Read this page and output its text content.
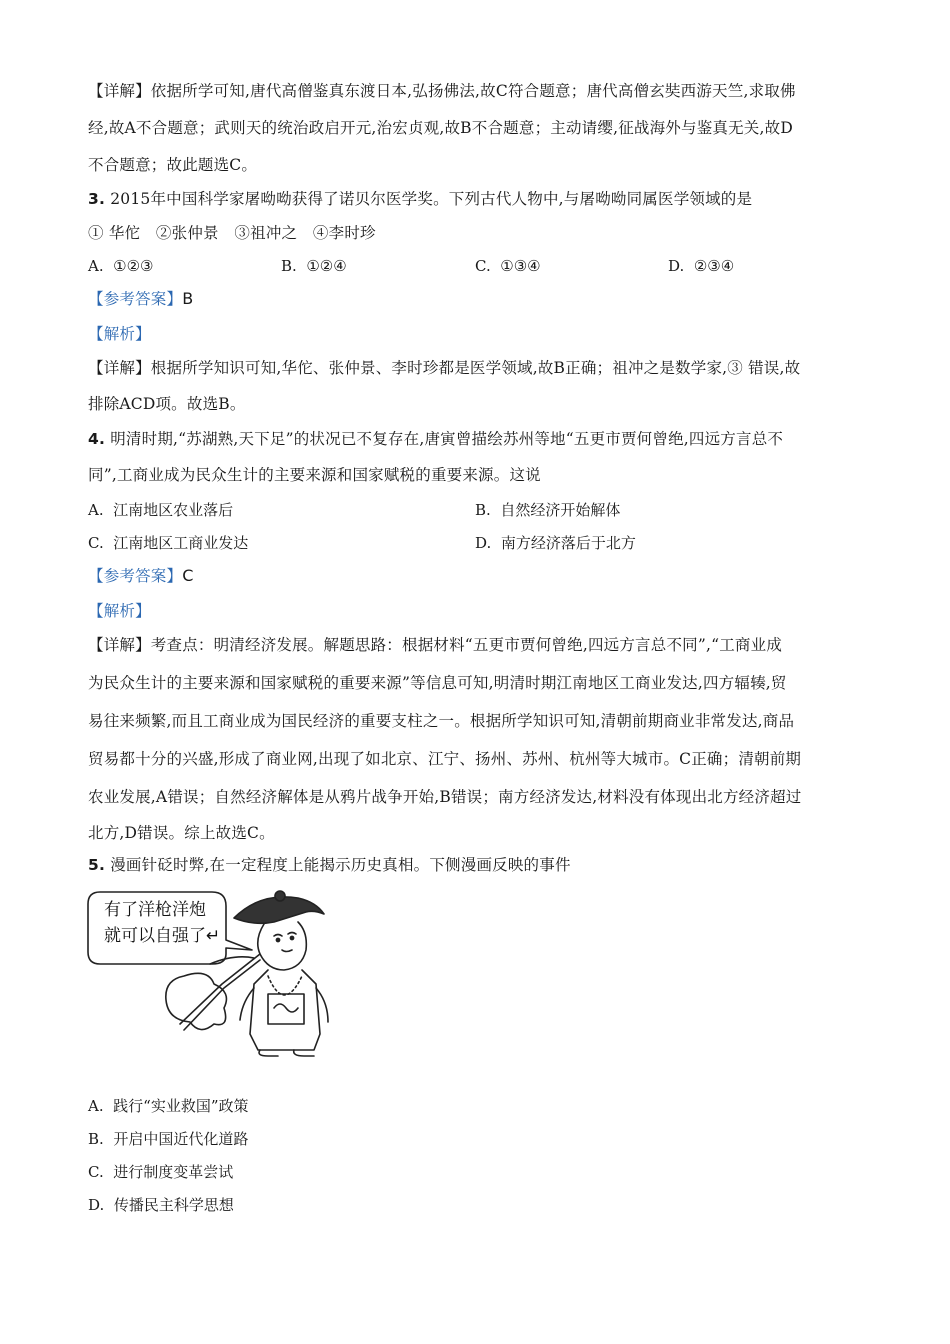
【详解】依据所学可知,唐代高僧鉴真东渡日本,弘扬佛法,故C符合题意；唐代高僧玄奘西游天竺,求取佛
经,故A不合题意；武则天的统治政启开元,治宏贞观,故B不合题意；主动请缨,征战海外与鉴真无关,故D
不合题意；故此题选C。
3. 2015年中国科学家屠呦呦获得了诺贝尔医学奖。下列古代人物中,与屠呦呦同属医学领域的是
① 华佗　②张仲景　③祖冲之　④李时珍
A. ①②③	B. ①②④	C. ①③④	D. ②③④
【参考答案】B
【解析】
【详解】根据所学知识可知,华佗、张仲景、李时珍都是医学领域,故B正确；祖冲之是数学家,③ 错误,故
排除ACD项。故选B。
4. 明清时期,“苏湖熟,天下足”的状况已不复存在,唐寅曾描绘苏州等地“五更市贾何曾绝,四远方言总不
同”,工商业成为民众生计的主要来源和国家赋税的重要来源。这说
A. 江南地区农业落后	B. 自然经济开始解体
C. 江南地区工商业发达	D. 南方经济落后于北方
【参考答案】C
【解析】
【详解】考查点：明清经济发展。解题思路：根据材料“五更市贾何曾绝,四远方言总不同”,“工商业成
为民众生计的主要来源和国家赋税的重要来源”等信息可知,明清时期江南地区工商业发达,四方辐辏,贸
易往来频繁,而且工商业成为国民经济的重要支柱之一。根据所学知识可知,清朝前期商业非常发达,商品
贸易都十分的兴盛,形成了商业网,出现了如北京、江宁、扬州、苏州、杭州等大城市。C正确；清朝前期
农业发展,A错误；自然经济解体是从鸦片战争开始,B错误；南方经济发达,材料没有体现出北方经济超过
北方,D错误。综上故选C。
5. 漫画针砭时弊,在一定程度上能揭示历史真相。下侧漫画反映的事件
有了洋枪洋炮
就可以自强了↵
A. 践行“实业救国”政策
B. 开启中国近代化道路
C. 进行制度变革尝试
D. 传播民主科学思想
